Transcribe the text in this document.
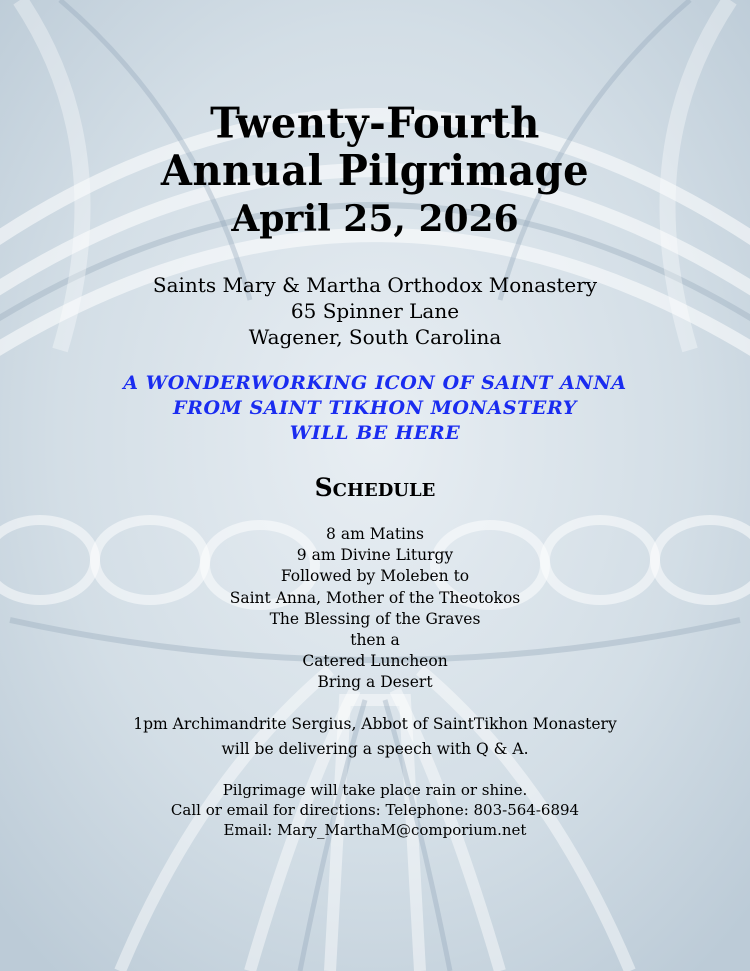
Twenty-Fourth
Annual Pilgrimage
April 25, 2026
Saints Mary & Martha Orthodox Monastery
65 Spinner Lane
Wagener, South Carolina
A WONDERWORKING ICON OF SAINT ANNA
FROM SAINT TIKHON MONASTERY
WILL BE HERE
Schedule
8 am Matins
9 am Divine Liturgy
Followed by Moleben to
Saint Anna, Mother of the Theotokos
The Blessing of the Graves
then a
Catered Luncheon
Bring a Desert
1pm Archimandrite Sergius, Abbot of SaintTikhon Monastery
will be delivering a speech with Q & A.
Pilgrimage will take place rain or shine.
Call or email for directions: Telephone: 803-564-6894
Email: Mary_MarthaM@comporium.net
